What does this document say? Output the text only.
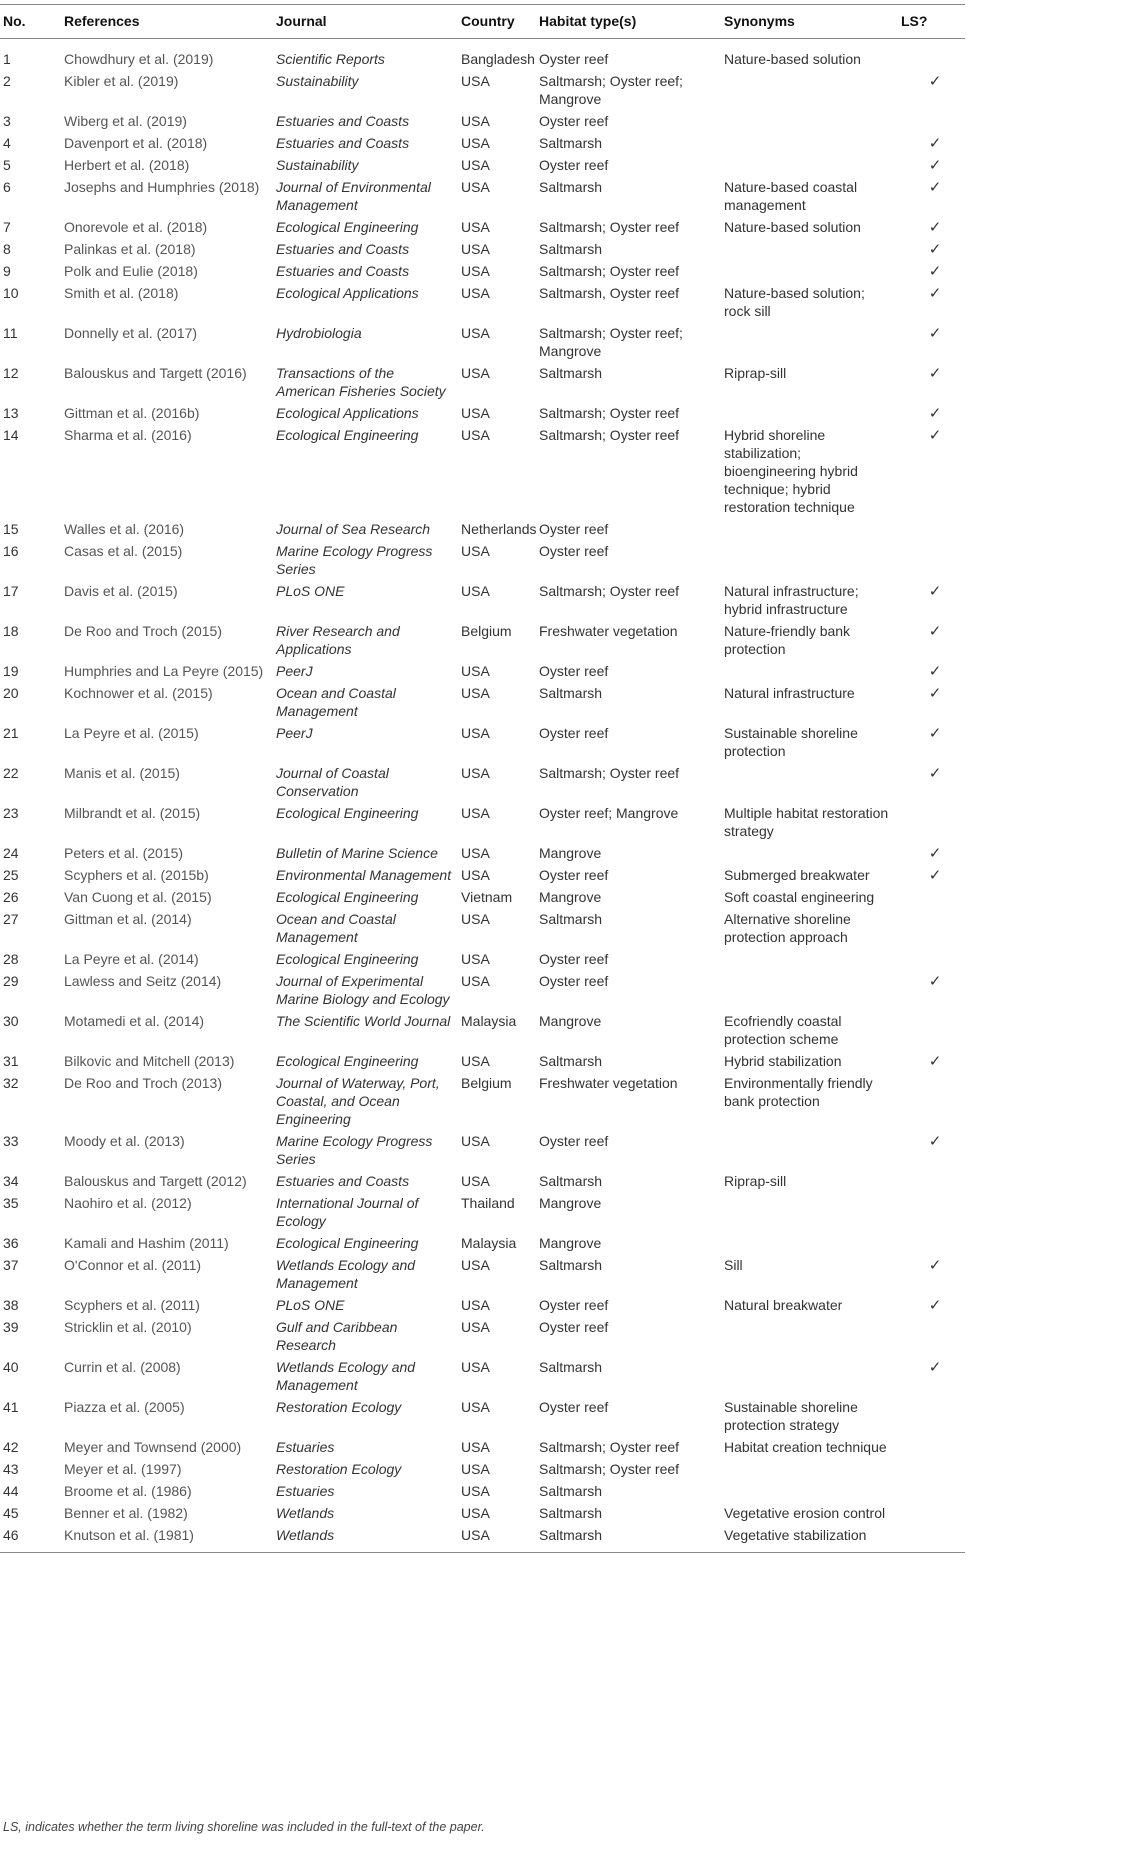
No.	References	Journal	Country	Habitat type(s)	Synonyms	LS?
1	Chowdhury et al. (2019)	Scientific Reports	Bangladesh	Oyster reef	Nature-based solution	
2	Kibler et al. (2019)	Sustainability	USA	Saltmarsh; Oyster reef; Mangrove		✓
3	Wiberg et al. (2019)	Estuaries and Coasts	USA	Oyster reef		
4	Davenport et al. (2018)	Estuaries and Coasts	USA	Saltmarsh		✓
5	Herbert et al. (2018)	Sustainability	USA	Oyster reef		✓
6	Josephs and Humphries (2018)	Journal of Environmental Management	USA	Saltmarsh	Nature-based coastal management	✓
7	Onorevole et al. (2018)	Ecological Engineering	USA	Saltmarsh; Oyster reef	Nature-based solution	✓
8	Palinkas et al. (2018)	Estuaries and Coasts	USA	Saltmarsh		✓
9	Polk and Eulie (2018)	Estuaries and Coasts	USA	Saltmarsh; Oyster reef		✓
10	Smith et al. (2018)	Ecological Applications	USA	Saltmarsh, Oyster reef	Nature-based solution; rock sill	✓
11	Donnelly et al. (2017)	Hydrobiologia	USA	Saltmarsh; Oyster reef; Mangrove		✓
12	Balouskus and Targett (2016)	Transactions of the American Fisheries Society	USA	Saltmarsh	Riprap-sill	✓
13	Gittman et al. (2016b)	Ecological Applications	USA	Saltmarsh; Oyster reef		✓
14	Sharma et al. (2016)	Ecological Engineering	USA	Saltmarsh; Oyster reef	Hybrid shoreline stabilization; bioengineering hybrid technique; hybrid restoration technique	✓
15	Walles et al. (2016)	Journal of Sea Research	Netherlands	Oyster reef		
16	Casas et al. (2015)	Marine Ecology Progress Series	USA	Oyster reef		
17	Davis et al. (2015)	PLoS ONE	USA	Saltmarsh; Oyster reef	Natural infrastructure; hybrid infrastructure	✓
18	De Roo and Troch (2015)	River Research and Applications	Belgium	Freshwater vegetation	Nature-friendly bank protection	✓
19	Humphries and La Peyre (2015)	PeerJ	USA	Oyster reef		✓
20	Kochnower et al. (2015)	Ocean and Coastal Management	USA	Saltmarsh	Natural infrastructure	✓
21	La Peyre et al. (2015)	PeerJ	USA	Oyster reef	Sustainable shoreline protection	✓
22	Manis et al. (2015)	Journal of Coastal Conservation	USA	Saltmarsh; Oyster reef		✓
23	Milbrandt et al. (2015)	Ecological Engineering	USA	Oyster reef; Mangrove	Multiple habitat restoration strategy	
24	Peters et al. (2015)	Bulletin of Marine Science	USA	Mangrove		✓
25	Scyphers et al. (2015b)	Environmental Management	USA	Oyster reef	Submerged breakwater	✓
26	Van Cuong et al. (2015)	Ecological Engineering	Vietnam	Mangrove	Soft coastal engineering	
27	Gittman et al. (2014)	Ocean and Coastal Management	USA	Saltmarsh	Alternative shoreline protection approach	
28	La Peyre et al. (2014)	Ecological Engineering	USA	Oyster reef		
29	Lawless and Seitz (2014)	Journal of Experimental Marine Biology and Ecology	USA	Oyster reef		✓
30	Motamedi et al. (2014)	The Scientific World Journal	Malaysia	Mangrove	Ecofriendly coastal protection scheme	
31	Bilkovic and Mitchell (2013)	Ecological Engineering	USA	Saltmarsh	Hybrid stabilization	✓
32	De Roo and Troch (2013)	Journal of Waterway, Port, Coastal, and Ocean Engineering	Belgium	Freshwater vegetation	Environmentally friendly bank protection	
33	Moody et al. (2013)	Marine Ecology Progress Series	USA	Oyster reef		✓
34	Balouskus and Targett (2012)	Estuaries and Coasts	USA	Saltmarsh	Riprap-sill	
35	Naohiro et al. (2012)	International Journal of Ecology	Thailand	Mangrove		
36	Kamali and Hashim (2011)	Ecological Engineering	Malaysia	Mangrove		
37	O'Connor et al. (2011)	Wetlands Ecology and Management	USA	Saltmarsh	Sill	✓
38	Scyphers et al. (2011)	PLoS ONE	USA	Oyster reef	Natural breakwater	✓
39	Stricklin et al. (2010)	Gulf and Caribbean Research	USA	Oyster reef		
40	Currin et al. (2008)	Wetlands Ecology and Management	USA	Saltmarsh		✓
41	Piazza et al. (2005)	Restoration Ecology	USA	Oyster reef	Sustainable shoreline protection strategy	
42	Meyer and Townsend (2000)	Estuaries	USA	Saltmarsh; Oyster reef	Habitat creation technique	
43	Meyer et al. (1997)	Restoration Ecology	USA	Saltmarsh; Oyster reef		
44	Broome et al. (1986)	Estuaries	USA	Saltmarsh		
45	Benner et al. (1982)	Wetlands	USA	Saltmarsh	Vegetative erosion control	
46	Knutson et al. (1981)	Wetlands	USA	Saltmarsh	Vegetative stabilization	
LS, indicates whether the term living shoreline was included in the full-text of the paper.
